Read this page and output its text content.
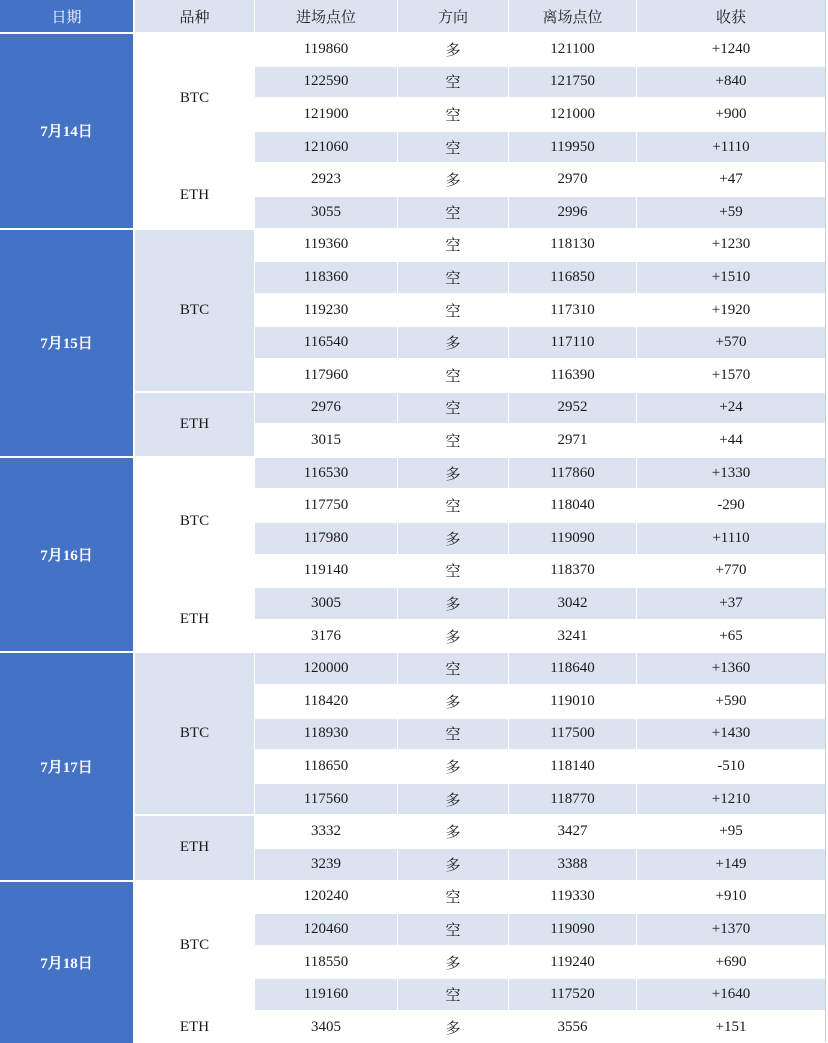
日期	品种	进场点位	方向	离场点位	收获
7月14日
BTC
119860	多	121100	+1240
122590	空	121750	+840
121900	空	121000	+900
121060	空	119950	+1110
ETH
2923	多	2970	+47
3055	空	2996	+59
7月15日
BTC
119360	空	118130	+1230
118360	空	116850	+1510
119230	空	117310	+1920
116540	多	117110	+570
117960	空	116390	+1570
ETH
2976	空	2952	+24
3015	空	2971	+44
7月16日
BTC
116530	多	117860	+1330
117750	空	118040	-290
117980	多	119090	+1110
119140	空	118370	+770
ETH
3005	多	3042	+37
3176	多	3241	+65
7月17日
BTC
120000	空	118640	+1360
118420	多	119010	+590
118930	空	117500	+1430
118650	多	118140	-510
117560	多	118770	+1210
ETH
3332	多	3427	+95
3239	多	3388	+149
7月18日
BTC
120240	空	119330	+910
120460	空	119090	+1370
118550	多	119240	+690
119160	空	117520	+1640
ETH	3405	多	3556	+151
